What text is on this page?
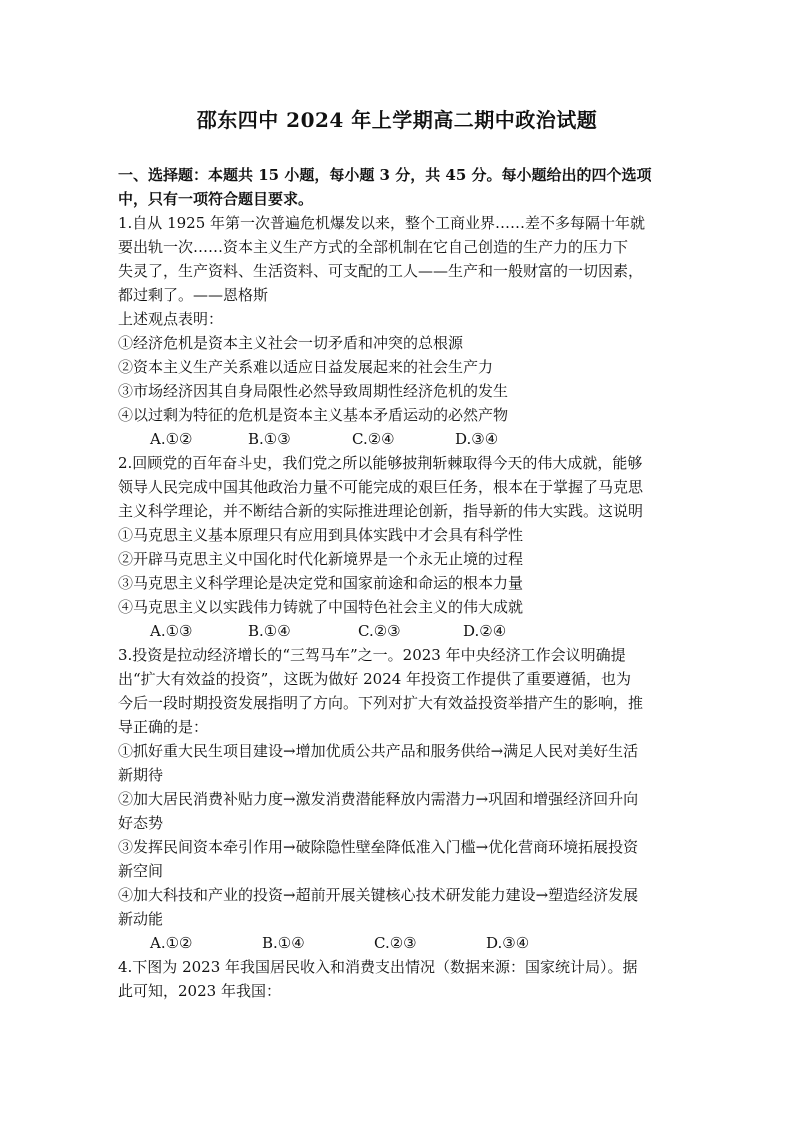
邵东四中 2024 年上学期高二期中政治试题
一、选择题：本题共 15 小题，每小题 3 分，共 45 分。每小题给出的四个选项
中，只有一项符合题目要求。
1.自从 1925 年第一次普遍危机爆发以来，整个工商业界……差不多每隔十年就
要出轨一次……资本主义生产方式的全部机制在它自己创造的生产力的压力下
失灵了，生产资料、生活资料、可支配的工人——生产和一般财富的一切因素，
都过剩了。——恩格斯
上述观点表明：
①经济危机是资本主义社会一切矛盾和冲突的总根源
②资本主义生产关系难以适应日益发展起来的社会生产力
③市场经济因其自身局限性必然导致周期性经济危机的发生
④以过剩为特征的危机是资本主义基本矛盾运动的必然产物
A.①②	B.①③	C.②④	D.③④
2.回顾党的百年奋斗史，我们党之所以能够披荆斩棘取得今天的伟大成就，能够
领导人民完成中国其他政治力量不可能完成的艰巨任务，根本在于掌握了马克思
主义科学理论，并不断结合新的实际推进理论创新，指导新的伟大实践。这说明
①马克思主义基本原理只有应用到具体实践中才会具有科学性
②开辟马克思主义中国化时代化新境界是一个永无止境的过程
③马克思主义科学理论是决定党和国家前途和命运的根本力量
④马克思主义以实践伟力铸就了中国特色社会主义的伟大成就
A.①③	B.①④	C.②③	D.②④
3.投资是拉动经济增长的“三驾马车”之一。2023 年中央经济工作会议明确提
出“扩大有效益的投资”，这既为做好 2024 年投资工作提供了重要遵循，也为
今后一段时期投资发展指明了方向。下列对扩大有效益投资举措产生的影响，推
导正确的是：
①抓好重大民生项目建设→增加优质公共产品和服务供给→满足人民对美好生活
新期待
②加大居民消费补贴力度→激发消费潜能释放内需潜力→巩固和增强经济回升向
好态势
③发挥民间资本牵引作用→破除隐性壁垒降低准入门槛→优化营商环境拓展投资
新空间
④加大科技和产业的投资→超前开展关键核心技术研发能力建设→塑造经济发展
新动能
A.①②	B.①④	C.②③	D.③④
4.下图为 2023 年我国居民收入和消费支出情况（数据来源：国家统计局）。据
此可知，2023 年我国：
